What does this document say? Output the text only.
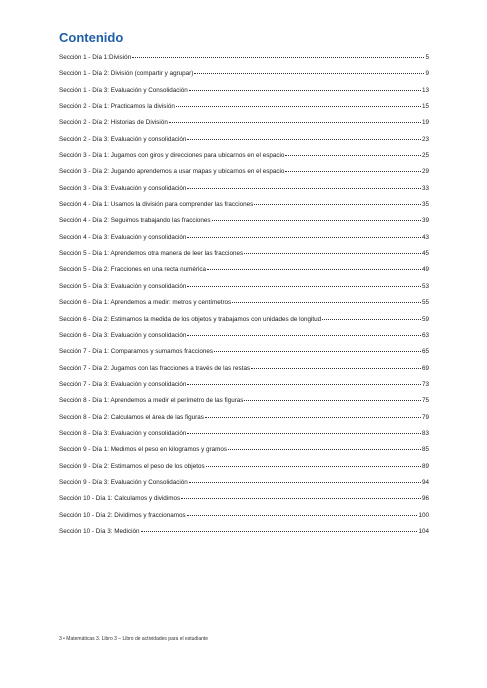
Contenido
Sección 1 - Día 1:División	5
Sección 1 - Día 2: División (compartir y agrupar)	9
Sección 1 - Día 3: Evaluación y Consolidación	13
Sección 2 - Día 1: Practicamos la división	15
Sección 2 - Día 2: Historias de División	19
Sección 2 - Día 3: Evaluación y consolidación	23
Sección 3 - Día 1: Jugamos con giros y direcciones para ubicarnos en el espacio	25
Sección 3 - Día 2: Jugando aprendemos a usar mapas y ubicarnos en el espacio	29
Sección 3 - Día 3: Evaluación y consolidación	33
Sección 4 - Día 1: Usamos la división para comprender las fracciones	35
Sección 4 - Día 2: Seguimos trabajando las fracciones	39
Sección 4 - Día 3: Evaluación y consolidación	43
Sección 5 - Día 1: Aprendemos otra manera de leer las fracciones	45
Sección 5 - Día 2: Fracciones en una recta numérica	49
Sección 5 - Día 3: Evaluación y consolidación	53
Sección 6 - Día 1: Aprendemos a medir: metros y centímetros	55
Sección 6 - Día 2: Estimamos la medida de los objetos y trabajamos con unidades de longitud	59
Sección 6 - Día 3: Evaluación y consolidación	63
Sección 7 - Día 1: Comparamos y sumamos fracciones	65
Sección 7 - Día 2: Jugamos con las fracciones a través de las restas	69
Sección 7 - Día 3: Evaluación y consolidación	73
Sección 8 - Día 1: Aprendemos a medir el perímetro de las figuras	75
Sección 8 - Día 2: Calculamos el área de las figuras	79
Sección 8 - Día 3: Evaluación y consolidación	83
Sección 9 - Día 1: Medimos el peso en kilogramos y gramos	85
Sección 9 - Día 2: Estimamos el peso de los objetos	89
Sección 9 - Día 3: Evaluación y Consolidación	94
Sección 10 - Día 1: Calculamos y dividimos	96
Sección 10 - Día 2: Dividimos y fraccionamos	100
Sección 10 - Día 3: Medición	104
3 • Matemáticas 3. Libro 3 – Libro de actividades para el estudiante
